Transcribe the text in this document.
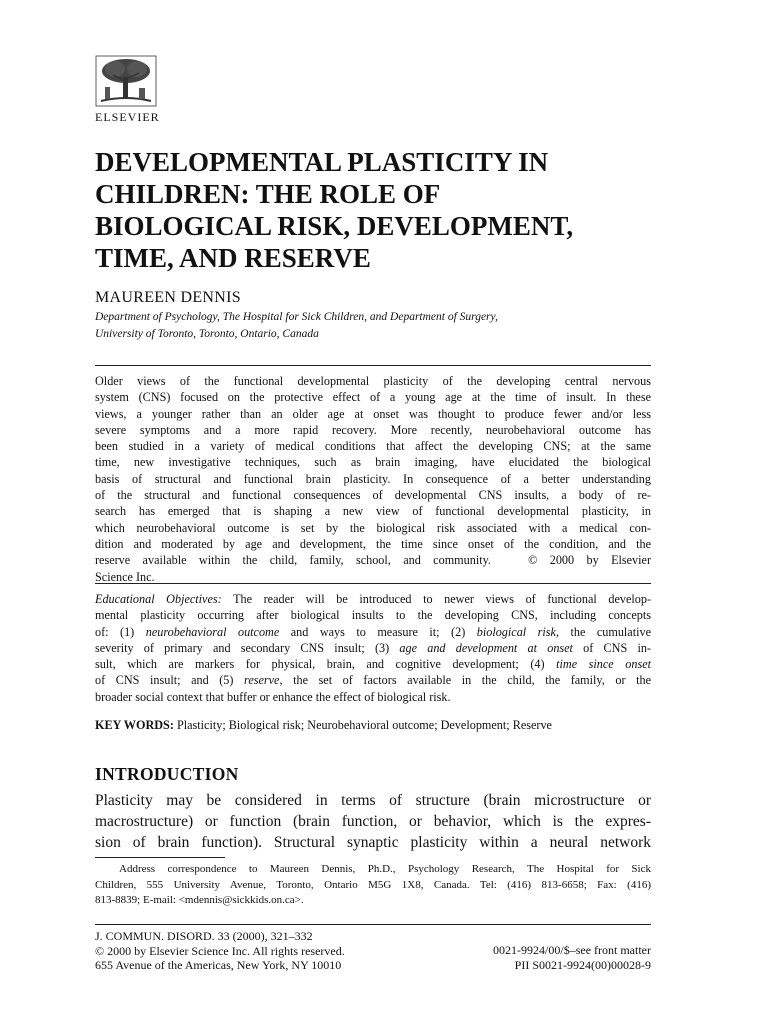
ELSEVIER
DEVELOPMENTAL PLASTICITY IN
CHILDREN: THE ROLE OF
BIOLOGICAL RISK, DEVELOPMENT,
TIME, AND RESERVE
MAUREEN DENNIS
Department of Psychology, The Hospital for Sick Children, and Department of Surgery,
University of Toronto, Toronto, Ontario, Canada
Older views of the functional developmental plasticity of the developing central nervous
system (CNS) focused on the protective effect of a young age at the time of insult. In these
views, a younger rather than an older age at onset was thought to produce fewer and/or less
severe symptoms and a more rapid recovery. More recently, neurobehavioral outcome has
been studied in a variety of medical conditions that affect the developing CNS; at the same
time, new investigative techniques, such as brain imaging, have elucidated the biological
basis of structural and functional brain plasticity. In consequence of a better understanding
of the structural and functional consequences of developmental CNS insults, a body of re-
search has emerged that is shaping a new view of functional developmental plasticity, in
which neurobehavioral outcome is set by the biological risk associated with a medical con-
dition and moderated by age and development, the time since onset of the condition, and the
reserve available within the child, family, school, and community.	© 2000 by Elsevier
Science Inc.
Educational Objectives: The reader will be introduced to newer views of functional develop-
mental plasticity occurring after biological insults to the developing CNS, including concepts
of: (1) neurobehavioral outcome and ways to measure it; (2) biological risk, the cumulative
severity of primary and secondary CNS insult; (3) age and development at onset of CNS in-
sult, which are markers for physical, brain, and cognitive development; (4) time since onset
of CNS insult; and (5) reserve, the set of factors available in the child, the family, or the
broader social context that buffer or enhance the effect of biological risk.
KEY WORDS: Plasticity; Biological risk; Neurobehavioral outcome; Development; Reserve
INTRODUCTION
Plasticity may be considered in terms of structure (brain microstructure or
macrostructure) or function (brain function, or behavior, which is the expres-
sion of brain function). Structural synaptic plasticity within a neural network
Address correspondence to Maureen Dennis, Ph.D., Psychology Research, The Hospital for Sick
Children, 555 University Avenue, Toronto, Ontario M5G 1X8, Canada. Tel: (416) 813-6658; Fax: (416)
813-8839; E-mail: <mdennis@sickkids.on.ca>.
J. COMMUN. DISORD. 33 (2000), 321–332
© 2000 by Elsevier Science Inc. All rights reserved.
655 Avenue of the Americas, New York, NY 10010
0021-9924/00/$–see front matter
PII S0021-9924(00)00028-9
